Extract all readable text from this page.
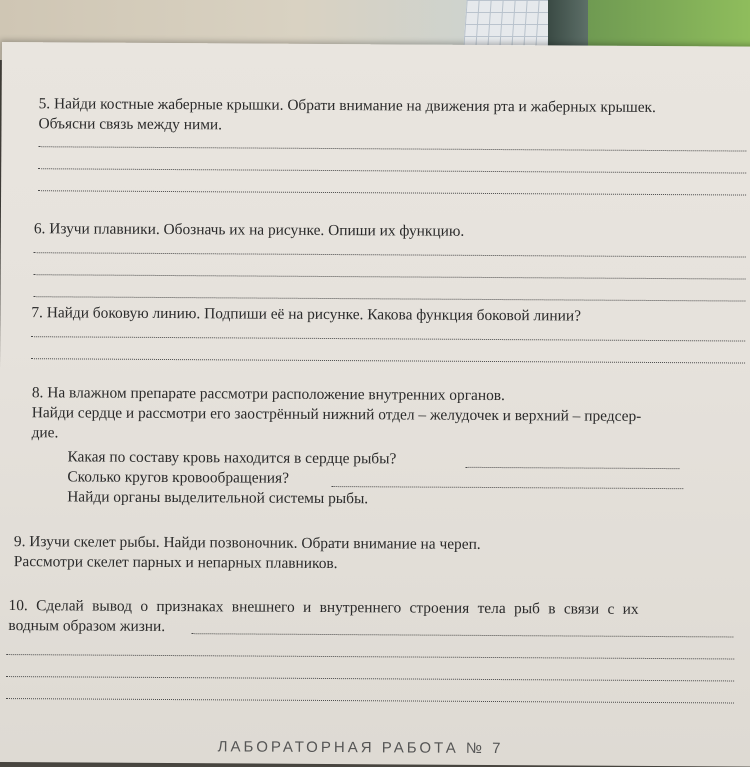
5. Найди костные жаберные крышки. Обрати внимание на движения рта и жаберных крышек.
Объясни связь между ними.
6. Изучи плавники. Обозначь их на рисунке. Опиши их функцию.
7. Найди боковую линию. Подпиши её на рисунке. Какова функция боковой линии?
8. На влажном препарате рассмотри расположение внутренних органов.
Найди сердце и рассмотри его заострённый нижний отдел – желудочек и верхний – предсер-
дие.
Какая по составу кровь находится в сердце рыбы?
Сколько кругов кровообращения?
Найди органы выделительной системы рыбы.
9. Изучи скелет рыбы. Найди позвоночник. Обрати внимание на череп.
Рассмотри скелет парных и непарных плавников.
10. Сделай вывод о признаках внешнего и внутреннего строения тела рыб в связи с их
водным образом жизни.
ЛАБОРАТОРНАЯ РАБОТА № 7
